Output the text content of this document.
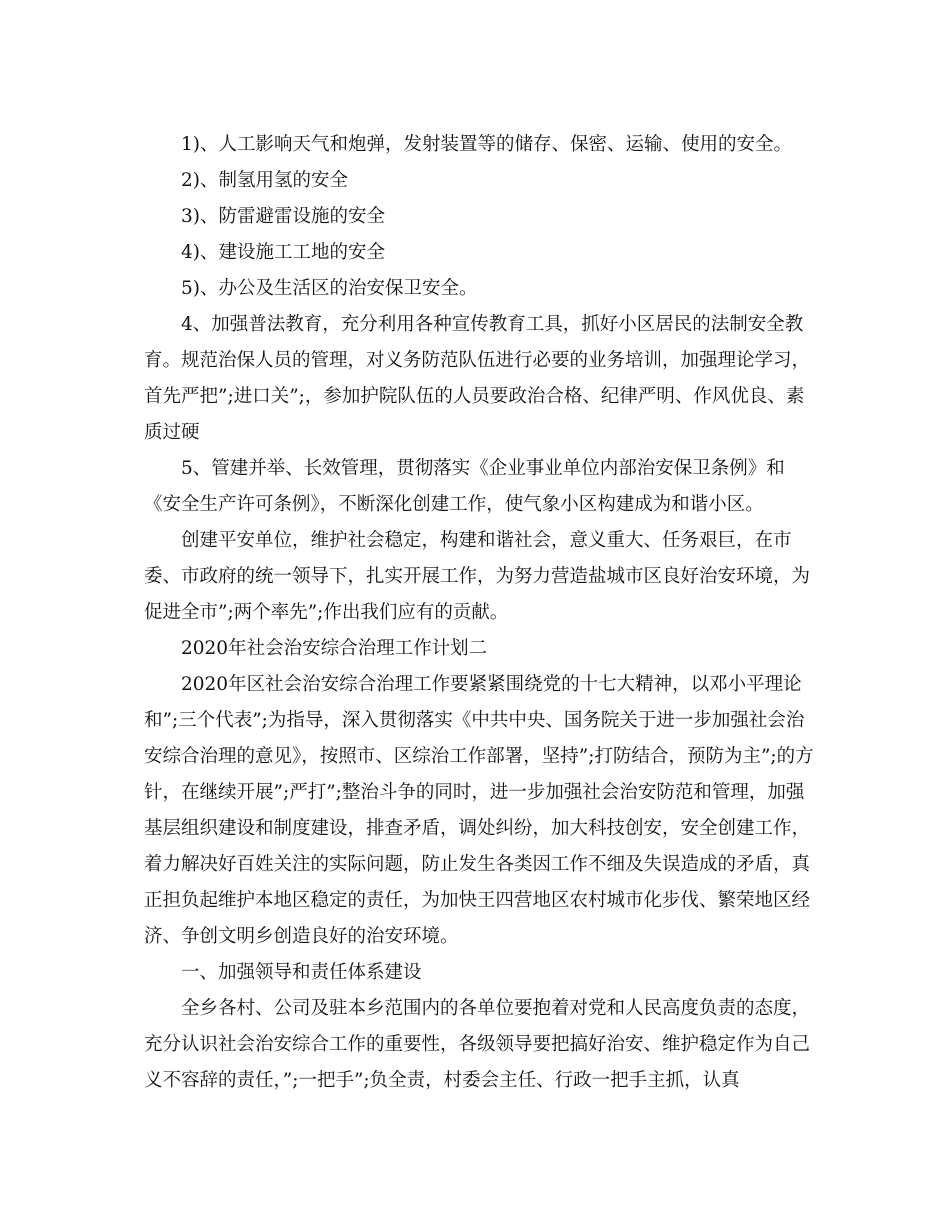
1)、人工影响天气和炮弹，发射装置等的储存、保密、运输、使用的安全。

2)、制氢用氢的安全

3)、防雷避雷设施的安全

4)、建设施工工地的安全

5)、办公及生活区的治安保卫安全。

4、加强普法教育，充分利用各种宣传教育工具，抓好小区居民的法制安全教育。规范治保人员的管理，对义务防范队伍进行必要的业务培训，加强理论学习，首先严把”;进口关”;，参加护院队伍的人员要政治合格、纪律严明、作风优良、素质过硬

5、管建并举、长效管理，贯彻落实《企业事业单位内部治安保卫条例》和《安全生产许可条例》，不断深化创建工作，使气象小区构建成为和谐小区。

创建平安单位，维护社会稳定，构建和谐社会，意义重大、任务艰巨，在市委、市政府的统一领导下，扎实开展工作，为努力营造盐城市区良好治安环境，为促进全市”;两个率先”;作出我们应有的贡献。

2020年社会治安综合治理工作计划二

2020年区社会治安综合治理工作要紧紧围绕党的十七大精神，以邓小平理论和”;三个代表”;为指导，深入贯彻落实《中共中央、国务院关于进一步加强社会治安综合治理的意见》，按照市、区综治工作部署，坚持”;打防结合，预防为主”;的方针，在继续开展”;严打”;整治斗争的同时，进一步加强社会治安防范和管理，加强基层组织建设和制度建设，排查矛盾，调处纠纷，加大科技创安，安全创建工作，着力解决好百姓关注的实际问题，防止发生各类因工作不细及失误造成的矛盾，真正担负起维护本地区稳定的责任，为加快王四营地区农村城市化步伐、繁荣地区经济、争创文明乡创造良好的治安环境。

一、加强领导和责任体系建设

全乡各村、公司及驻本乡范围内的各单位要抱着对党和人民高度负责的态度，充分认识社会治安综合工作的重要性，各级领导要把搞好治安、维护稳定作为自己义不容辞的责任，”;一把手”;负全责，村委会主任、行政一把手主抓，认真
